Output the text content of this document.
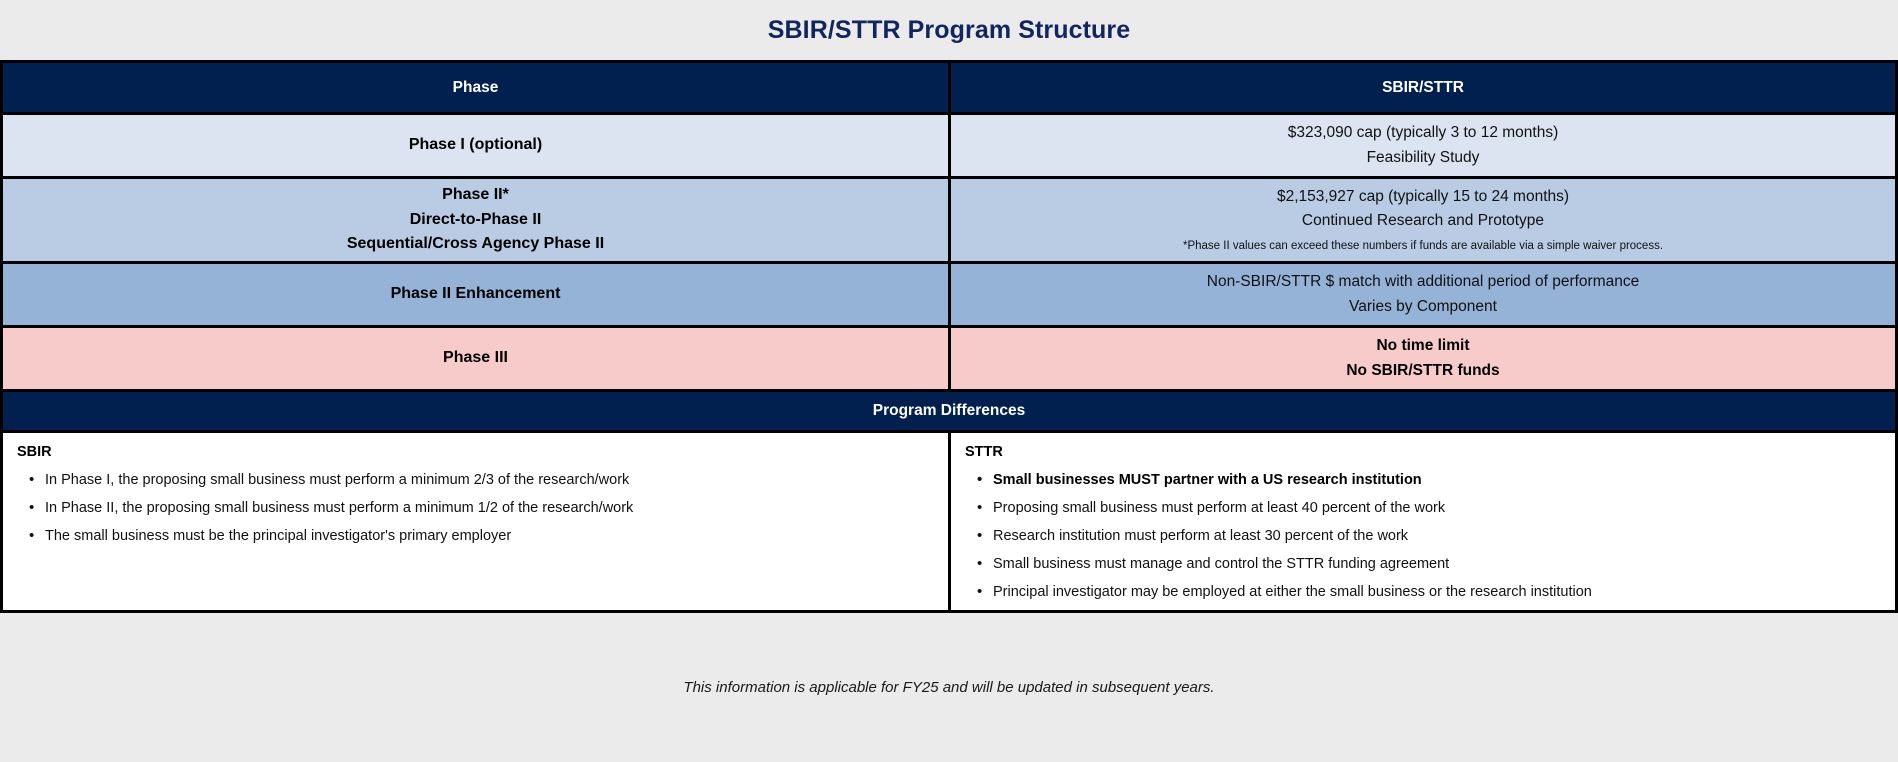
SBIR/STTR Program Structure
Phase	SBIR/STTR
Phase I (optional)
$323,090 cap (typically 3 to 12 months)
Feasibility Study
Phase II*
Direct-to-Phase II
Sequential/Cross Agency Phase II
$2,153,927 cap (typically 15 to 24 months)
Continued Research and Prototype
*Phase II values can exceed these numbers if funds are available via a simple waiver process.
Phase II Enhancement
Non-SBIR/STTR $ match with additional period of performance
Varies by Component
Phase III
No time limit
No SBIR/STTR funds
Program Differences
SBIR
• In Phase I, the proposing small business must perform a minimum 2/3 of the research/work
• In Phase II, the proposing small business must perform a minimum 1/2 of the research/work
• The small business must be the principal investigator's primary employer
STTR
• Small businesses MUST partner with a US research institution
• Proposing small business must perform at least 40 percent of the work
• Research institution must perform at least 30 percent of the work
• Small business must manage and control the STTR funding agreement
• Principal investigator may be employed at either the small business or the research institution
This information is applicable for FY25 and will be updated in subsequent years.
